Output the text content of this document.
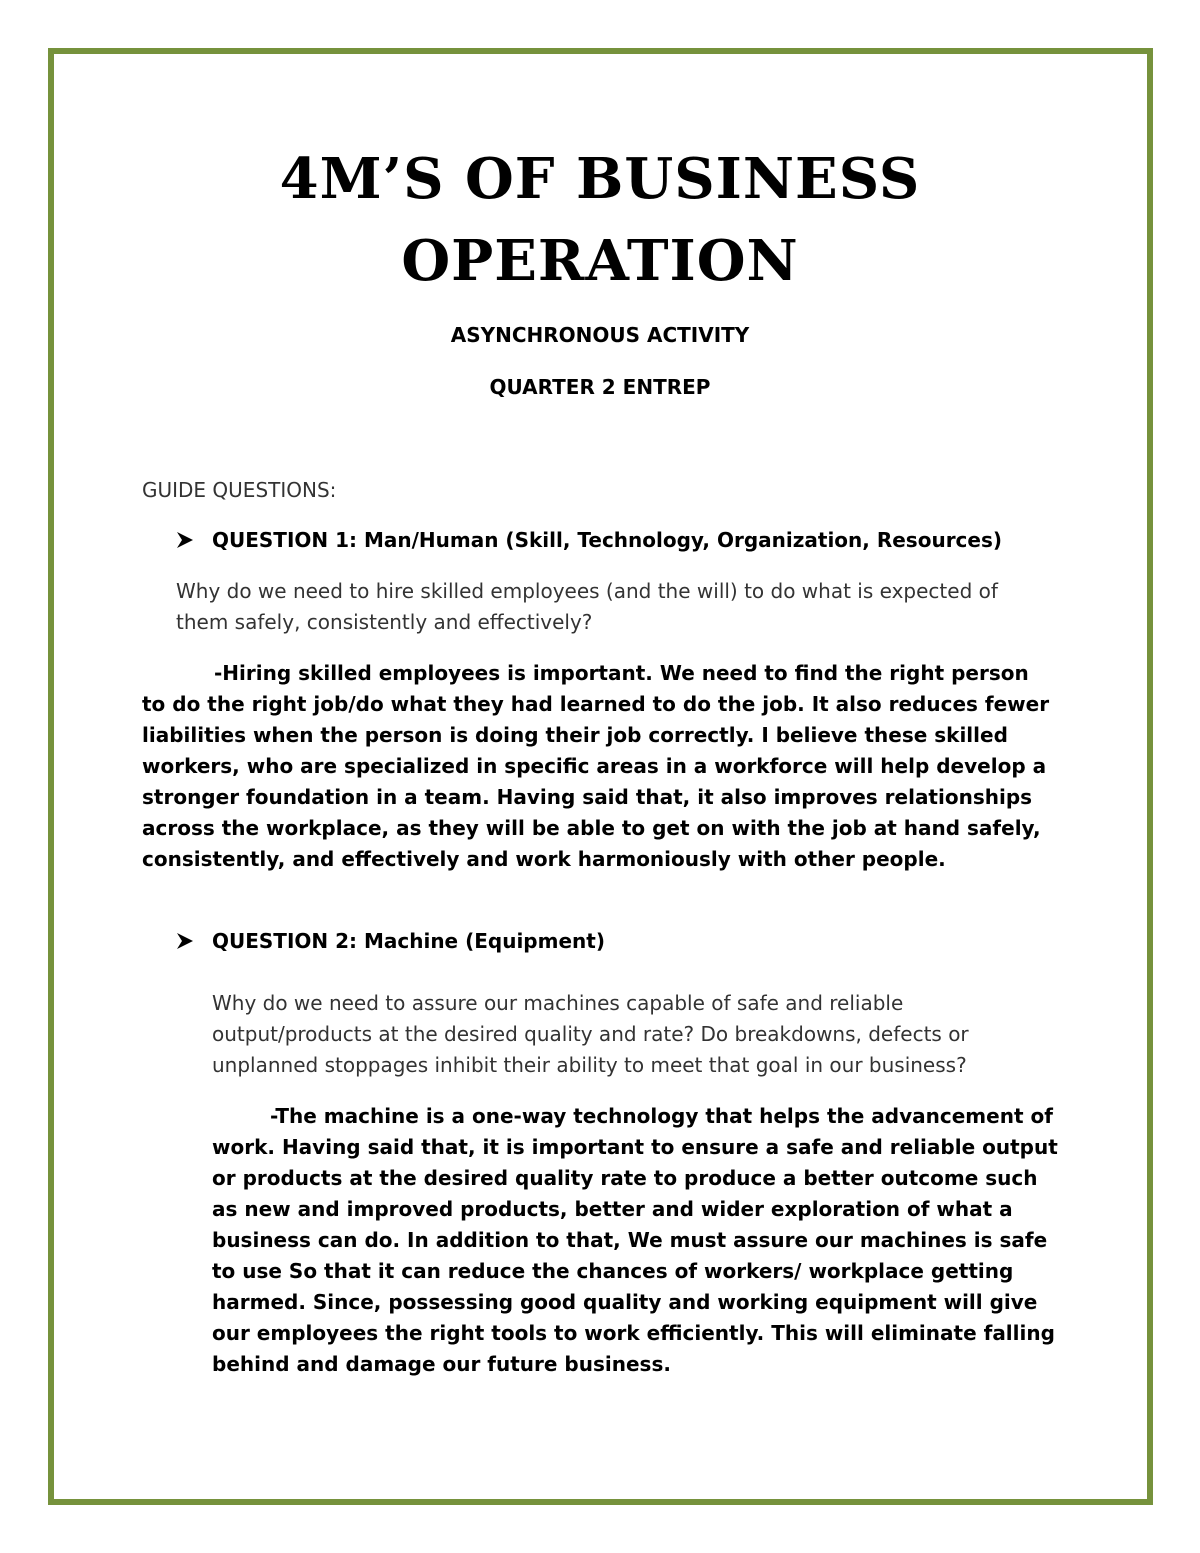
4M’S OF BUSINESS
OPERATION

ASYNCHRONOUS ACTIVITY

QUARTER 2 ENTREP

GUIDE QUESTIONS:

QUESTION 1: Man/Human (Skill, Technology, Organization, Resources)

Why do we need to hire skilled employees (and the will) to do what is expected of them safely, consistently and effectively?

-Hiring skilled employees is important. We need to find the right person to do the right job/do what they had learned to do the job. It also reduces fewer liabilities when the person is doing their job correctly. I believe these skilled workers, who are specialized in specific areas in a workforce will help develop a stronger foundation in a team. Having said that, it also improves relationships across the workplace, as they will be able to get on with the job at hand safely, consistently, and effectively and work harmoniously with other people.

QUESTION 2: Machine (Equipment)

Why do we need to assure our machines capable of safe and reliable output/products at the desired quality and rate? Do breakdowns, defects or unplanned stoppages inhibit their ability to meet that goal in our business?

-The machine is a one-way technology that helps the advancement of work. Having said that, it is important to ensure a safe and reliable output or products at the desired quality rate to produce a better outcome such as new and improved products, better and wider exploration of what a business can do. In addition to that, We must assure our machines is safe to use So that it can reduce the chances of workers/ workplace getting harmed. Since, possessing good quality and working equipment will give our employees the right tools to work efficiently. This will eliminate falling behind and damage our future business.
